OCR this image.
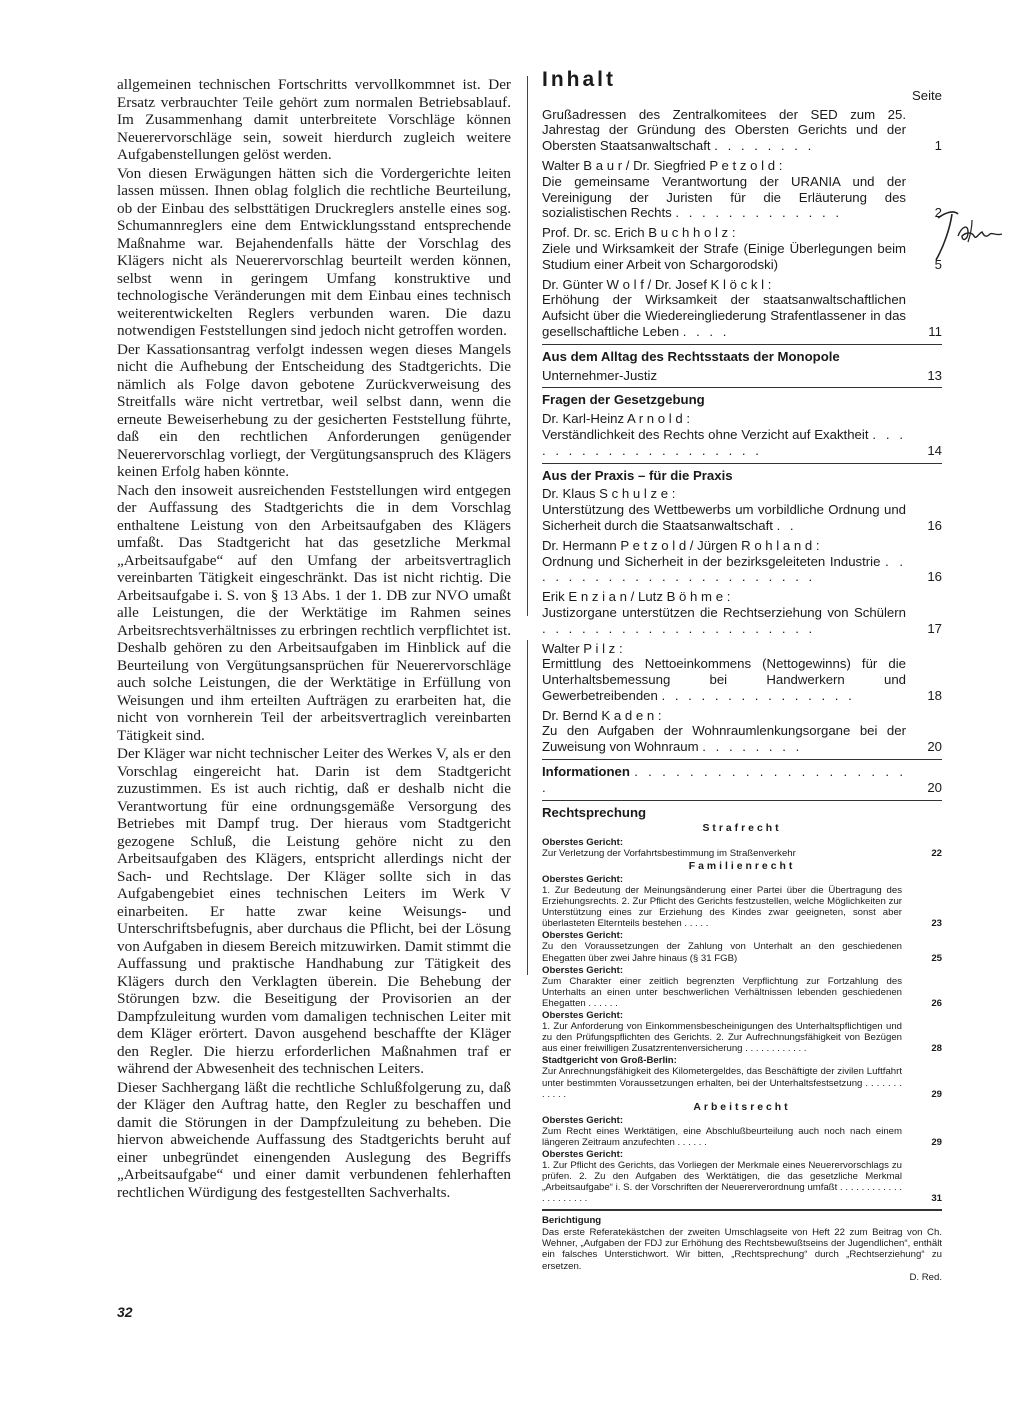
allgemeinen technischen Fortschritts vervollkommnet ist. Der Ersatz verbrauchter Teile gehört zum normalen Betriebsablauf. Im Zusammenhang damit unterbreitete Vorschläge können Neuerervorschläge sein, soweit hierdurch zugleich weitere Aufgabenstellungen gelöst werden.

Von diesen Erwägungen hätten sich die Vordergerichte leiten lassen müssen. Ihnen oblag folglich die rechtliche Beurteilung, ob der Einbau des selbsttätigen Druckreglers anstelle eines sog. Schumannreglers eine dem Entwicklungsstand entsprechende Maßnahme war. Bejahendenfalls hätte der Vorschlag des Klägers nicht als Neuerervorschlag beurteilt werden können, selbst wenn in geringem Umfang konstruktive und technologische Veränderungen mit dem Einbau eines technisch weiterentwickelten Reglers verbunden waren. Die dazu notwendigen Feststellungen sind jedoch nicht getroffen worden.

Der Kassationsantrag verfolgt indessen wegen dieses Mangels nicht die Aufhebung der Entscheidung des Stadtgerichts. Die nämlich als Folge davon gebotene Zurückverweisung des Streitfalls wäre nicht vertretbar, weil selbst dann, wenn die erneute Beweiserhebung zu der gesicherten Feststellung führte, daß ein den rechtlichen Anforderungen genügender Neuerervorschlag vorliegt, der Vergütungsanspruch des Klägers keinen Erfolg haben könnte.

Nach den insoweit ausreichenden Feststellungen wird entgegen der Auffassung des Stadtgerichts die in dem Vorschlag enthaltene Leistung von den Arbeitsaufgaben des Klägers umfaßt. Das Stadtgericht hat das gesetzliche Merkmal „Arbeitsaufgabe“ auf den Umfang der arbeitsvertraglich vereinbarten Tätigkeit eingeschränkt. Das ist nicht richtig. Die Arbeitsaufgabe i. S. von § 13 Abs. 1 der 1. DB zur NVO umaßt alle Leistungen, die der Werktätige im Rahmen seines Arbeitsrechtsverhältnisses zu erbringen rechtlich verpflichtet ist. Deshalb gehören zu den Arbeitsaufgaben im Hinblick auf die Beurteilung von Vergütungsansprüchen für Neuerervorschläge auch solche Leistungen, die der Werktätige in Erfüllung von Weisungen und ihm erteilten Aufträgen zu erarbeiten hat, die nicht von vornherein Teil der arbeitsvertraglich vereinbarten Tätigkeit sind.

Der Kläger war nicht technischer Leiter des Werkes V, als er den Vorschlag eingereicht hat. Darin ist dem Stadtgericht zuzustimmen. Es ist auch richtig, daß er deshalb nicht die Verantwortung für eine ordnungsgemäße Versorgung des Betriebes mit Dampf trug. Der hieraus vom Stadtgericht gezogene Schluß, die Leistung gehöre nicht zu den Arbeitsaufgaben des Klägers, entspricht allerdings nicht der Sach- und Rechtslage. Der Kläger sollte sich in das Aufgabengebiet eines technischen Leiters im Werk V einarbeiten. Er hatte zwar keine Weisungs- und Unterschriftsbefugnis, aber durchaus die Pflicht, bei der Lösung von Aufgaben in diesem Bereich mitzuwirken. Damit stimmt die Auffassung und praktische Handhabung zur Tätigkeit des Klägers durch den Verklagten überein. Die Behebung der Störungen bzw. die Beseitigung der Provisorien an der Dampfzuleitung wurden vom damaligen technischen Leiter mit dem Kläger erörtert. Davon ausgehend beschaffte der Kläger den Regler. Die hierzu erforderlichen Maßnahmen traf er während der Abwesenheit des technischen Leiters.

Dieser Sachhergang läßt die rechtliche Schlußfolgerung zu, daß der Kläger den Auftrag hatte, den Regler zu beschaffen und damit die Störungen in der Dampfzuleitung zu beheben. Die hiervon abweichende Auffassung des Stadtgerichts beruht auf einer unbegründet einengenden Auslegung des Begriffs „Arbeitsaufgabe“ und einer damit verbundenen fehlerhaften rechtlichen Würdigung des festgestellten Sachverhalts.

Inhalt
Seite
Grußadressen des Zentralkomitees der SED zum 25. Jahrestag der Gründung des Obersten Gerichts und der Obersten Staatsanwaltschaft . . . . . . . .	1
Walter B a u r / Dr. Siegfried P e t z o l d :
Die gemeinsame Verantwortung der URANIA und der Vereinigung der Juristen für die Erläuterung des sozialistischen Rechts . . . . . . . . . . . . .	2
Prof. Dr. sc. Erich B u c h h o l z :
Ziele und Wirksamkeit der Strafe (Einige Überlegungen beim Studium einer Arbeit von Schargorodski)	5
Dr. Günter W o l f / Dr. Josef K l ö c k l :
Erhöhung der Wirksamkeit der staatsanwaltschaftlichen Aufsicht über die Wiedereingliederung Strafentlassener in das gesellschaftliche Leben . . . .	11
Aus dem Alltag des Rechtsstaats der Monopole
Unternehmer-Justiz	13
Fragen der Gesetzgebung
Dr. Karl-Heinz A r n o l d :
Verständlichkeit des Rechts ohne Verzicht auf Exaktheit . . . . . . . . . . . . . . . . . . . .	14
Aus der Praxis – für die Praxis
Dr. Klaus S c h u l z e :
Unterstützung des Wettbewerbs um vorbildliche Ordnung und Sicherheit durch die Staatsanwaltschaft . .	16
Dr. Hermann P e t z o l d / Jürgen R o h l a n d :
Ordnung und Sicherheit in der bezirksgeleiteten Industrie . . . . . . . . . . . . . . . . . . . . . . .	16
Erik E n z i a n / Lutz B ö h m e :
Justizorgane unterstützen die Rechtserziehung von Schülern . . . . . . . . . . . . . . . . . . . . .	17
Walter P i l z :
Ermittlung des Nettoeinkommens (Nettogewinns) für die Unterhaltsbemessung bei Handwerkern und Gewerbetreibenden . . . . . . . . . . . . . . .	18
Dr. Bernd K a d e n :
Zu den Aufgaben der Wohnraumlenkungsorgane bei der Zuweisung von Wohnraum . . . . . . . .	20
Informationen . . . . . . . . . . . . . . . . . . . . .	20
Rechtsprechung
Strafrecht
Oberstes Gericht:
Zur Verletzung der Vorfahrtsbestimmung im Straßenverkehr	22
Familienrecht
Oberstes Gericht:
1. Zur Bedeutung der Meinungsänderung einer Partei über die Übertragung des Erziehungsrechts. 2. Zur Pflicht des Gerichts festzustellen, welche Möglichkeiten zur Unterstützung eines zur Erziehung des Kindes zwar geeigneten, sonst aber überlasteten Elternteils bestehen . . . . .	23
Oberstes Gericht:
Zu den Voraussetzungen der Zahlung von Unterhalt an den geschiedenen Ehegatten über zwei Jahre hinaus (§ 31 FGB)	25
Oberstes Gericht:
Zum Charakter einer zeitlich begrenzten Verpflichtung zur Fortzahlung des Unterhalts an einen unter beschwerlichen Verhältnissen lebenden geschiedenen Ehegatten . . . . . .	26
Oberstes Gericht:
1. Zur Anforderung von Einkommensbescheinigungen des Unterhaltspflichtigen und zu den Prüfungspflichten des Gerichts. 2. Zur Aufrechnungsfähigkeit von Bezügen aus einer freiwilligen Zusatzrentenversicherung . . . . . . . . . . . .	28
Stadtgericht von Groß-Berlin:
Zur Anrechnungsfähigkeit des Kilometergeldes, das Beschäftigte der zivilen Luftfahrt unter bestimmten Voraussetzungen erhalten, bei der Unterhaltsfestsetzung . . . . . . . . . . . .	29
Arbeitsrecht
Oberstes Gericht:
Zum Recht eines Werktätigen, eine Abschlußbeurteilung auch noch nach einem längeren Zeitraum anzufechten . . . . . .	29
Oberstes Gericht:
1. Zur Pflicht des Gerichts, das Vorliegen der Merkmale eines Neuerervorschlags zu prüfen. 2. Zu den Aufgaben des Werktätigen, die das gesetzliche Merkmal „Arbeitsaufgabe“ i. S. der Vorschriften der Neuererverordnung umfaßt . . . . . . . . . . . . . . . . . . . . .	31
Berichtigung
Das erste Referatekästchen der zweiten Umschlagseite von Heft 22 zum Beitrag von Ch. Wehner, „Aufgaben der FDJ zur Erhöhung des Rechtsbewußtseins der Jugendlichen“, enthält ein falsches Unterstichwort. Wir bitten, „Rechtsprechung“ durch „Rechtserziehung“ zu ersetzen.
D. Red.
32
